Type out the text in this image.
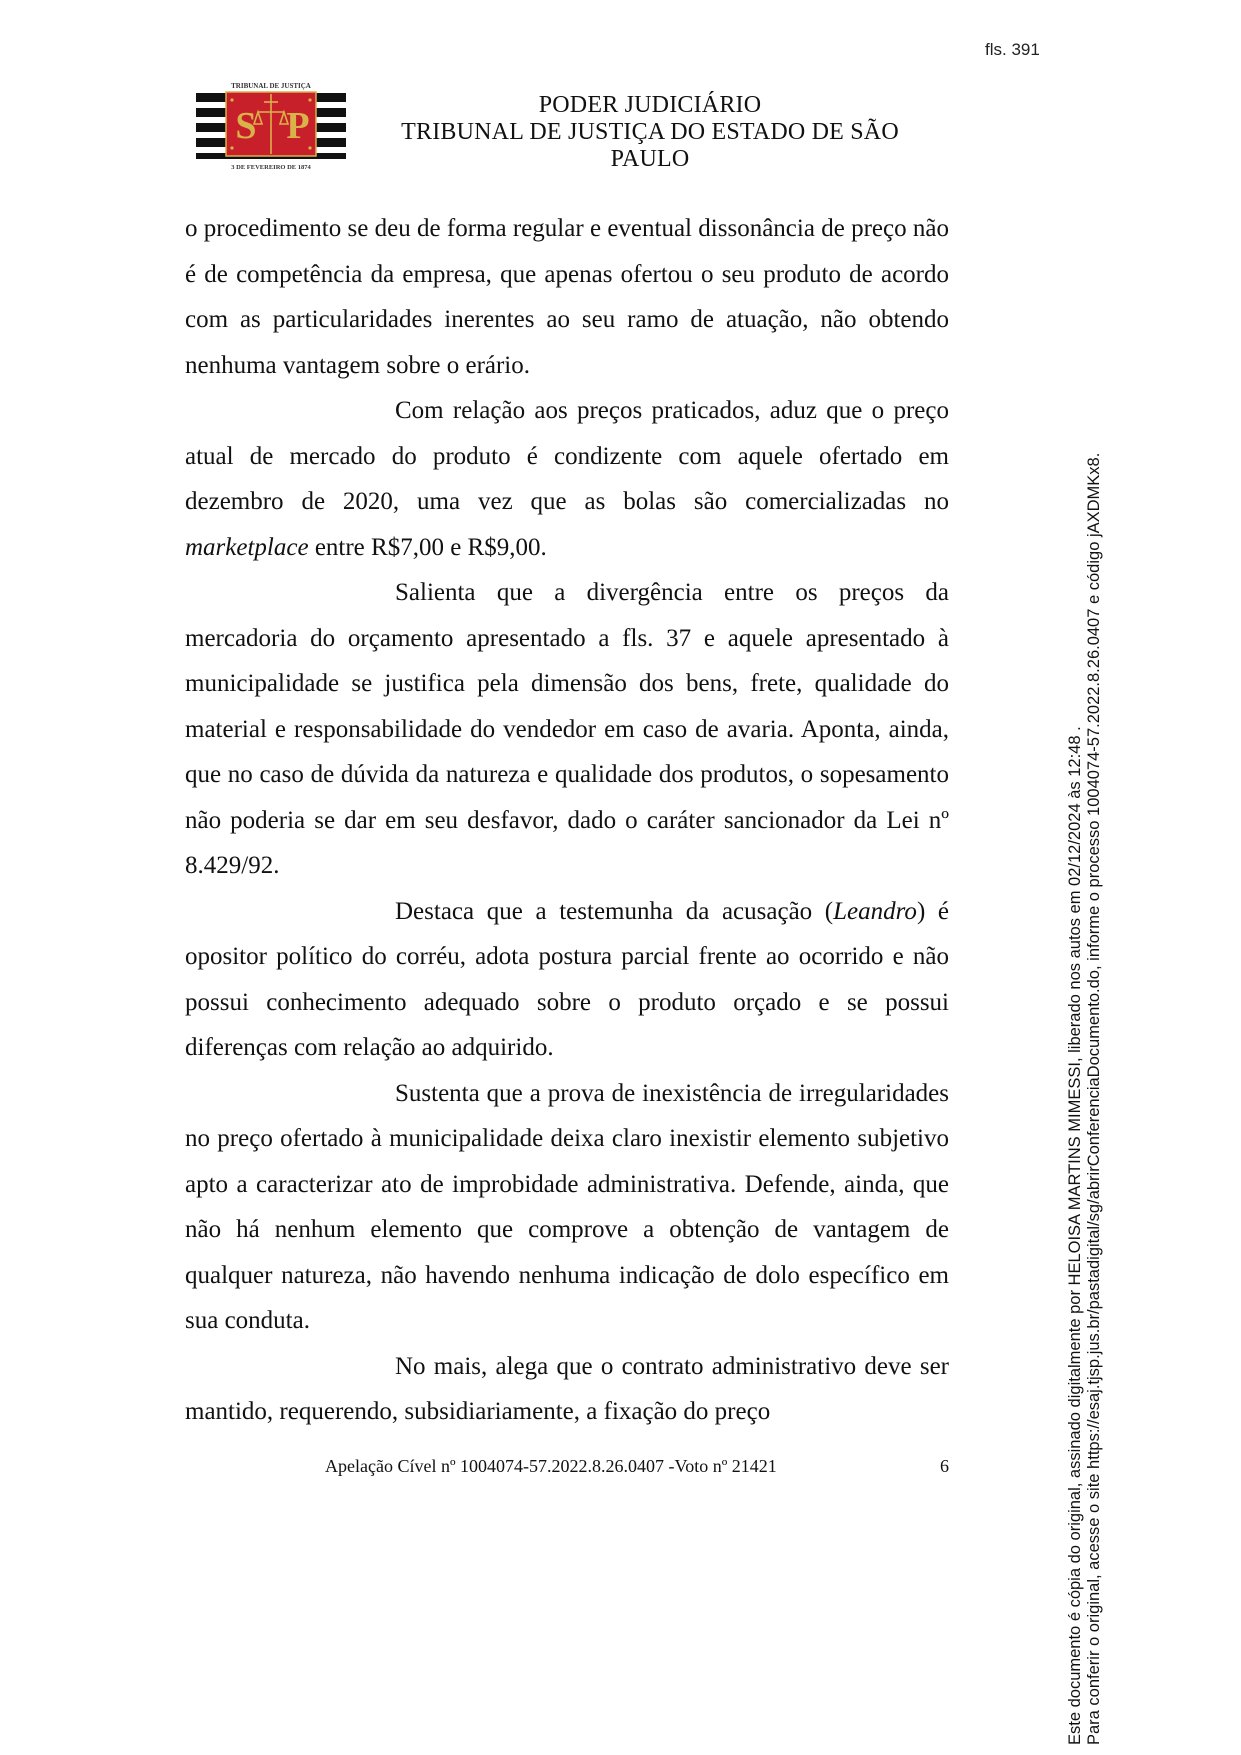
fls. 391
TRIBUNAL DE JUSTIÇA
S P
3 DE FEVEREIRO DE 1874
PODER JUDICIÁRIO
TRIBUNAL DE JUSTIÇA DO ESTADO DE SÃO PAULO

o procedimento se deu de forma regular e eventual dissonância de preço não é de competência da empresa, que apenas ofertou o seu produto de acordo com as particularidades inerentes ao seu ramo de atuação, não obtendo nenhuma vantagem sobre o erário.

Com relação aos preços praticados, aduz que o preço atual de mercado do produto é condizente com aquele ofertado em dezembro de 2020, uma vez que as bolas são comercializadas no marketplace entre R$7,00 e R$9,00.

Salienta que a divergência entre os preços da mercadoria do orçamento apresentado a fls. 37 e aquele apresentado à municipalidade se justifica pela dimensão dos bens, frete, qualidade do material e responsabilidade do vendedor em caso de avaria. Aponta, ainda, que no caso de dúvida da natureza e qualidade dos produtos, o sopesamento não poderia se dar em seu desfavor, dado o caráter sancionador da Lei nº 8.429/92.

Destaca que a testemunha da acusação (Leandro) é opositor político do corréu, adota postura parcial frente ao ocorrido e não possui conhecimento adequado sobre o produto orçado e se possui diferenças com relação ao adquirido.

Sustenta que a prova de inexistência de irregularidades no preço ofertado à municipalidade deixa claro inexistir elemento subjetivo apto a caracterizar ato de improbidade administrativa. Defende, ainda, que não há nenhum elemento que comprove a obtenção de vantagem de qualquer natureza, não havendo nenhuma indicação de dolo específico em sua conduta.

No mais, alega que o contrato administrativo deve ser mantido, requerendo, subsidiariamente, a fixação do preço

Apelação Cível nº 1004074-57.2022.8.26.0407 -Voto nº 21421	6	Este documento é cópia do original, assinado digitalmente por HELOISA MARTINS MIMESSI, liberado nos autos em 02/12/2024 às 12:48 . Para conferir o original, acesse o site https://esaj.tjsp.jus.br/pastadigital/sg/abrirConferenciaDocumento.do, informe o processo 1004074-57.2022.8.26.0407 e código jAXDMKx8.
